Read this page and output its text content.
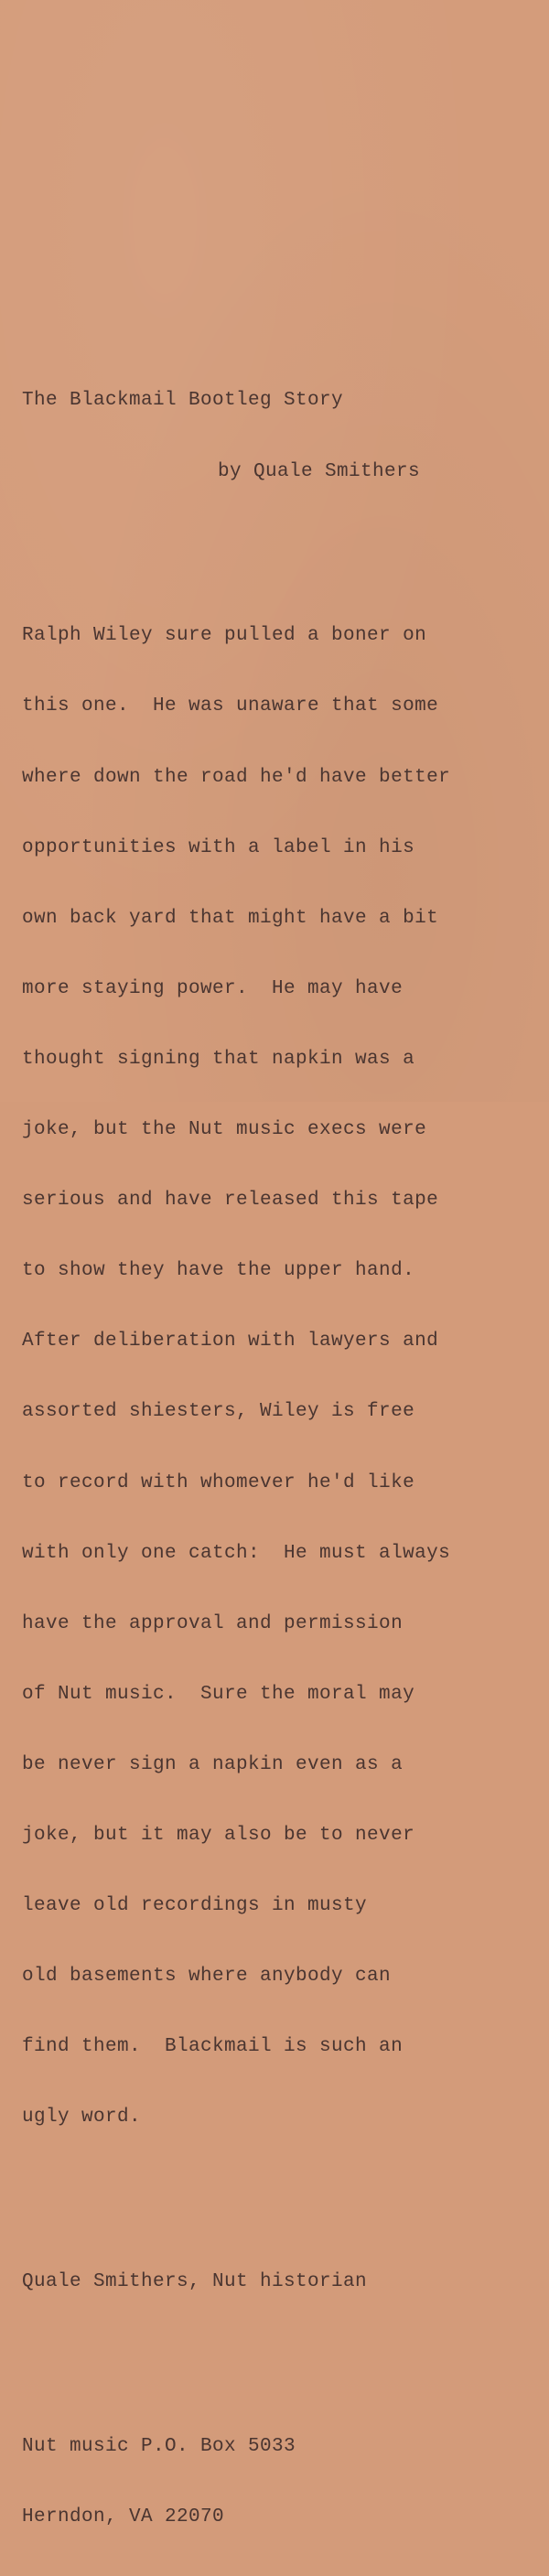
The Blackmail Bootleg Story

by Quale Smithers

Ralph Wiley sure pulled a boner on

this one.  He was unaware that some

where down the road he'd have better

opportunities with a label in his

own back yard that might have a bit

more staying power.  He may have

thought signing that napkin was a

joke, but the Nut music execs were

serious and have released this tape

to show they have the upper hand.

After deliberation with lawyers and

assorted shiesters, Wiley is free

to record with whomever he'd like

with only one catch:  He must always

have the approval and permission

of Nut music.  Sure the moral may

be never sign a napkin even as a

joke, but it may also be to never

leave old recordings in musty

old basements where anybody can

find them.  Blackmail is such an

ugly word.

Quale Smithers, Nut historian

Nut music P.O. Box 5033

Herndon, VA 22070
